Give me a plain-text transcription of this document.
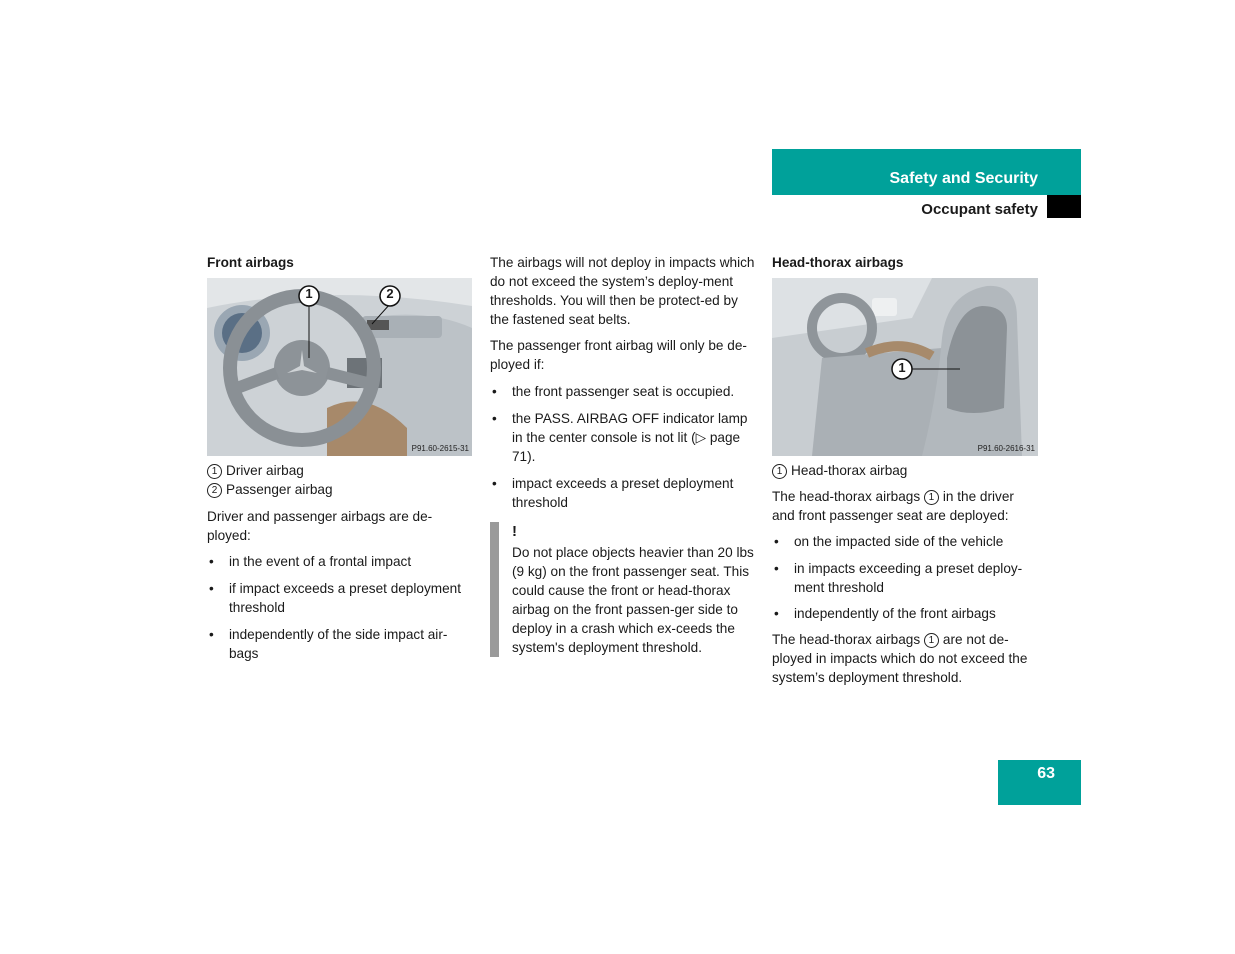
Safety and Security
Occupant safety
Front airbags
1	2
P91.60-2615-31
1 Driver airbag
2 Passenger airbag

Driver and passenger airbags are de-ployed:

• in the event of a frontal impact
• if impact exceeds a preset deployment threshold
• independently of the side impact air-bags

The airbags will not deploy in impacts which do not exceed the system’s deploy-ment thresholds. You will then be protect-ed by the fastened seat belts.

The passenger front airbag will only be de-ployed if:

• the front passenger seat is occupied.
• the PASS. AIRBAG OFF indicator lamp in the center console is not lit (▷ page 71).
• impact exceeds a preset deployment threshold
!

Do not place objects heavier than 20 lbs (9 kg) on the front passenger seat. This could cause the front or head-thorax airbag on the front passen-ger side to deploy in a crash which ex-ceeds the system's deployment threshold.

Head-thorax airbags
1
P91.60-2616-31
1 Head-thorax airbag

The head-thorax airbags 1 in the driver and front passenger seat are deployed:

• on the impacted side of the vehicle
• in impacts exceeding a preset deploy-ment threshold
• independently of the front airbags

The head-thorax airbags 1 are not de-ployed in impacts which do not exceed the system’s deployment threshold.

63
